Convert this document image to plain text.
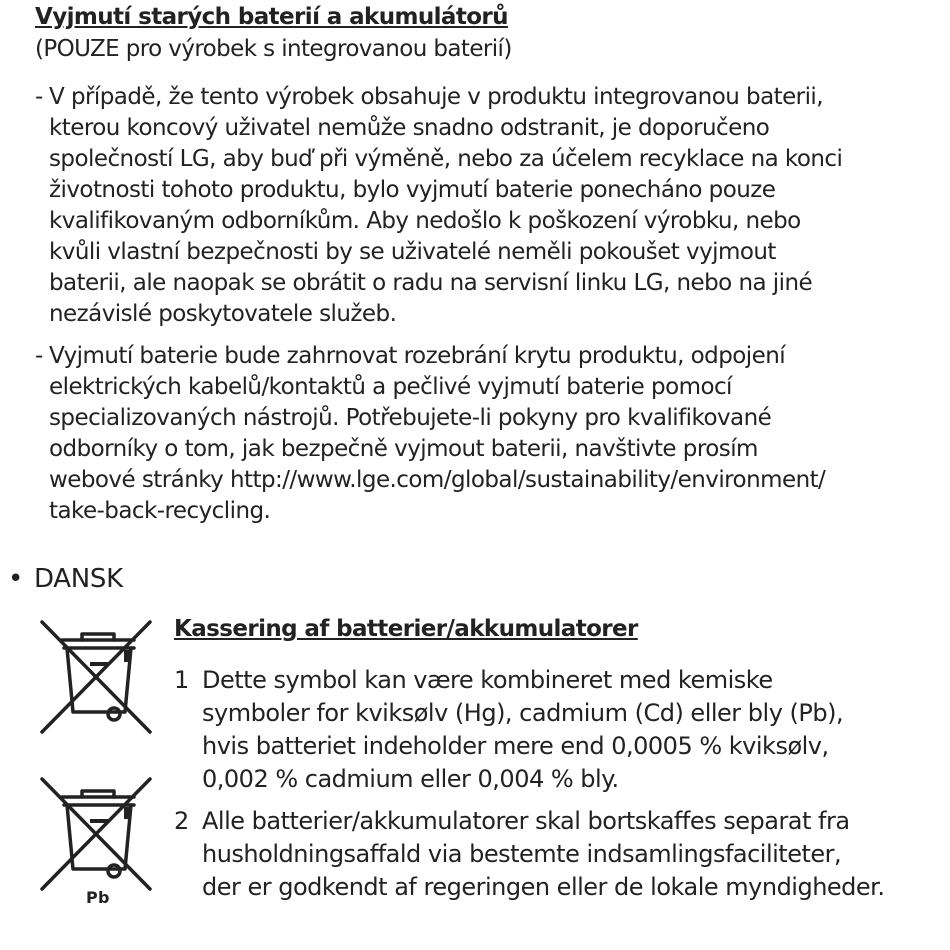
Vyjmutí starých baterií a akumulátorů
(POUZE pro výrobek s integrovanou baterií)
- V případě, že tento výrobek obsahuje v produktu integrovanou baterii,
kterou koncový uživatel nemůže snadno odstranit, je doporučeno
společností LG, aby buď při výměně, nebo za účelem recyklace na konci
životnosti tohoto produktu, bylo vyjmutí baterie ponecháno pouze
kvalifikovaným odborníkům. Aby nedošlo k poškození výrobku, nebo
kvůli vlastní bezpečnosti by se uživatelé neměli pokoušet vyjmout
baterii, ale naopak se obrátit o radu na servisní linku LG, nebo na jiné
nezávislé poskytovatele služeb.
- Vyjmutí baterie bude zahrnovat rozebrání krytu produktu, odpojení
elektrických kabelů/kontaktů a pečlivé vyjmutí baterie pomocí
specializovaných nástrojů. Potřebujete-li pokyny pro kvalifikované
odborníky o tom, jak bezpečně vyjmout baterii, navštivte prosím
webové stránky http://www.lge.com/global/sustainability/environment/
take-back-recycling.
• DANSK
Pb
Kassering af batterier/akkumulatorer
1 Dette symbol kan være kombineret med kemiske
symboler for kviksølv (Hg), cadmium (Cd) eller bly (Pb),
hvis batteriet indeholder mere end 0,0005 % kviksølv,
0,002 % cadmium eller 0,004 % bly.
2 Alle batterier/akkumulatorer skal bortskaffes separat fra
husholdningsaffald via bestemte indsamlingsfaciliteter,
der er godkendt af regeringen eller de lokale myndigheder.
